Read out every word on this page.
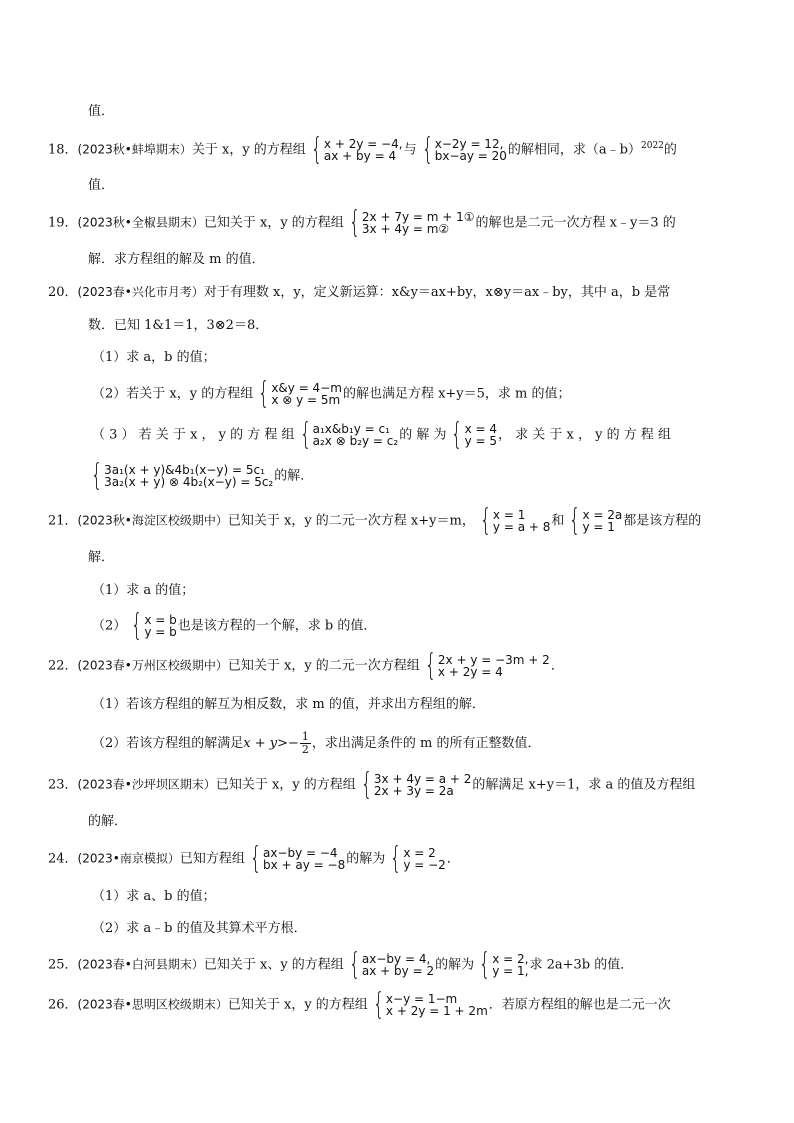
值．
18．(2023秋•蚌埠期末）关于 x，y 的方程组 { x + 2y = −4,
ax + by = 4 与 { x−2y = 12,
bx−ay = 20 的解相同，求（a﹣b）$^{2022}$的
值．
19．(2023秋•全椒县期末）已知关于 x，y 的方程组 { 2x + 7y = m + 1①
3x + 4y = m②	的解也是二元一次方程 x﹣y＝3 的
解．求方程组的解及 m 的值．
20．(2023春•兴化市月考）对于有理数 x，y，定义新运算：x&y＝ax+by，x⊗y＝ax﹣by，其中 a，b 是常
数．已知 1&1＝1，3⊗2＝8．
（1）求 a，b 的值；
（2）若关于 x，y 的方程组 { x&y = 4−m
x ⊗ y = 5m 的解也满足方程 x+y＝5，求 m 的值；
（ 3 ） 若 关 于 x ， y 的 方 程 组 { a₁x&b₁y = c₁
a₂x ⊗ b₂y = c₂ 的 解 为 { x = 4
y = 5 ， 求 关 于 x ， y 的 方 程 组
{ 3a₁(x + y)&4b₁(x−y) = 5c₁
3a₂(x + y) ⊗ 4b₂(x−y) = 5c₂ 的解．
21．(2023秋•海淀区校级期中）已知关于 x，y 的二元一次方程 x+y＝m， { x = 1
y = a + 8 和 { x = 2a
y = 1 都是该方程的
解．
（1）求 a 的值；
（2） { x = b
y = b 也是该方程的一个解，求 b 的值．
22．(2023春•万州区校级期中）已知关于 x，y 的二元一次方程组 { 2x + y = −3m + 2
x + 2y = 4	．
（1）若该方程组的解互为相反数，求 m 的值，并求出方程组的解．
（2）若该方程组的解满足$x + y>- \frac{1}{2}$ ，求出满足条件的 m 的所有正整数值．
23．(2023春•沙坪坝区期末）已知关于 x，y 的方程组 { 3x + 4y = a + 2
2x + 3y = 2a	的解满足 x+y＝1，求 a 的值及方程组
的解．
24．(2023•南京模拟）已知方程组 { ax−by = −4
bx + ay = −8 的解为 { x = 2
y = −2 ．
（1）求 a、b 的值；
（2）求 a﹣b 的值及其算术平方根．
25．(2023春•白河县期末）已知关于 x、y 的方程组 { ax−by = 4,
ax + by = 2 的解为 { x = 2,
y = 1, 求 2a+3b 的值．
26．(2023春•思明区校级期末）已知关于 x，y 的方程组 { x−y = 1−m
x + 2y = 1 + 2m ．若原方程组的解也是二元一次
